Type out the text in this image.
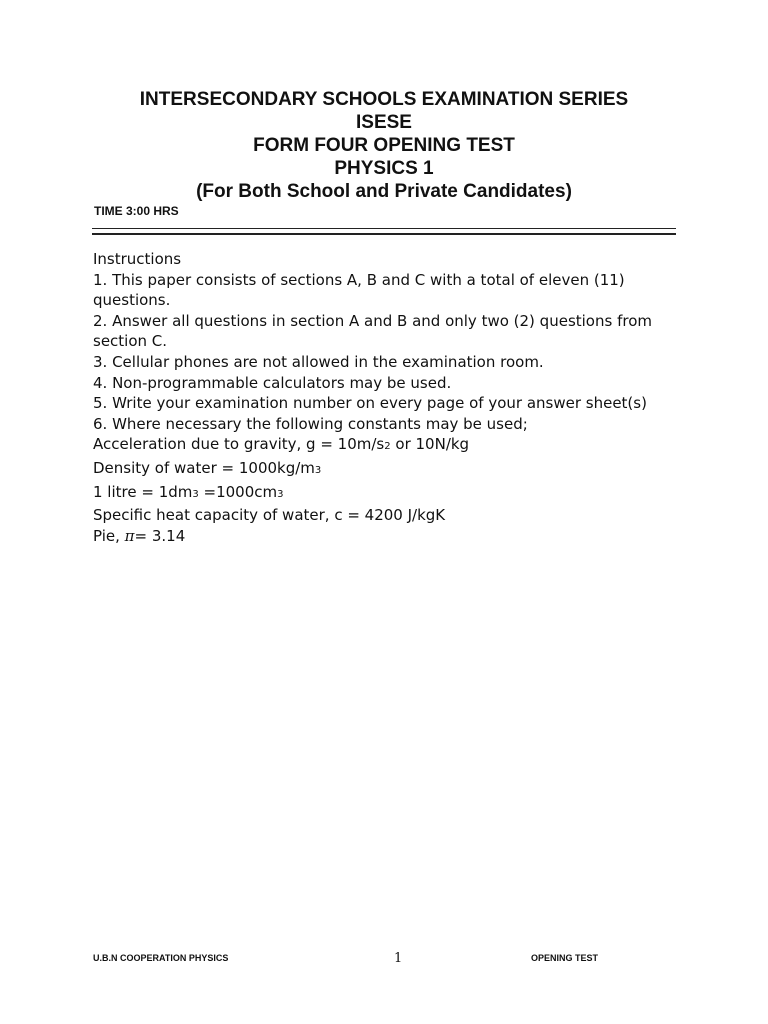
INTERSECONDARY SCHOOLS EXAMINATION SERIES
ISESE
FORM FOUR OPENING TEST
PHYSICS 1
(For Both School and Private Candidates)
TIME 3:00 HRS
Instructions
1. This paper consists of sections A, B and C with a total of eleven (11) questions.
2. Answer all questions in section A and B and only two (2) questions from section C.
3. Cellular phones are not allowed in the examination room.
4. Non-programmable calculators may be used.
5. Write your examination number on every page of your answer sheet(s)
6. Where necessary the following constants may be used;
Acceleration due to gravity, g = 10m/s2 or 10N/kg
Density of water = 1000kg/m3
1 litre = 1dm3 =1000cm3
Specific heat capacity of water, c = 4200 J/kgK
Pie, π= 3.14
U.B.N COOPERATION PHYSICS	1	OPENING TEST
